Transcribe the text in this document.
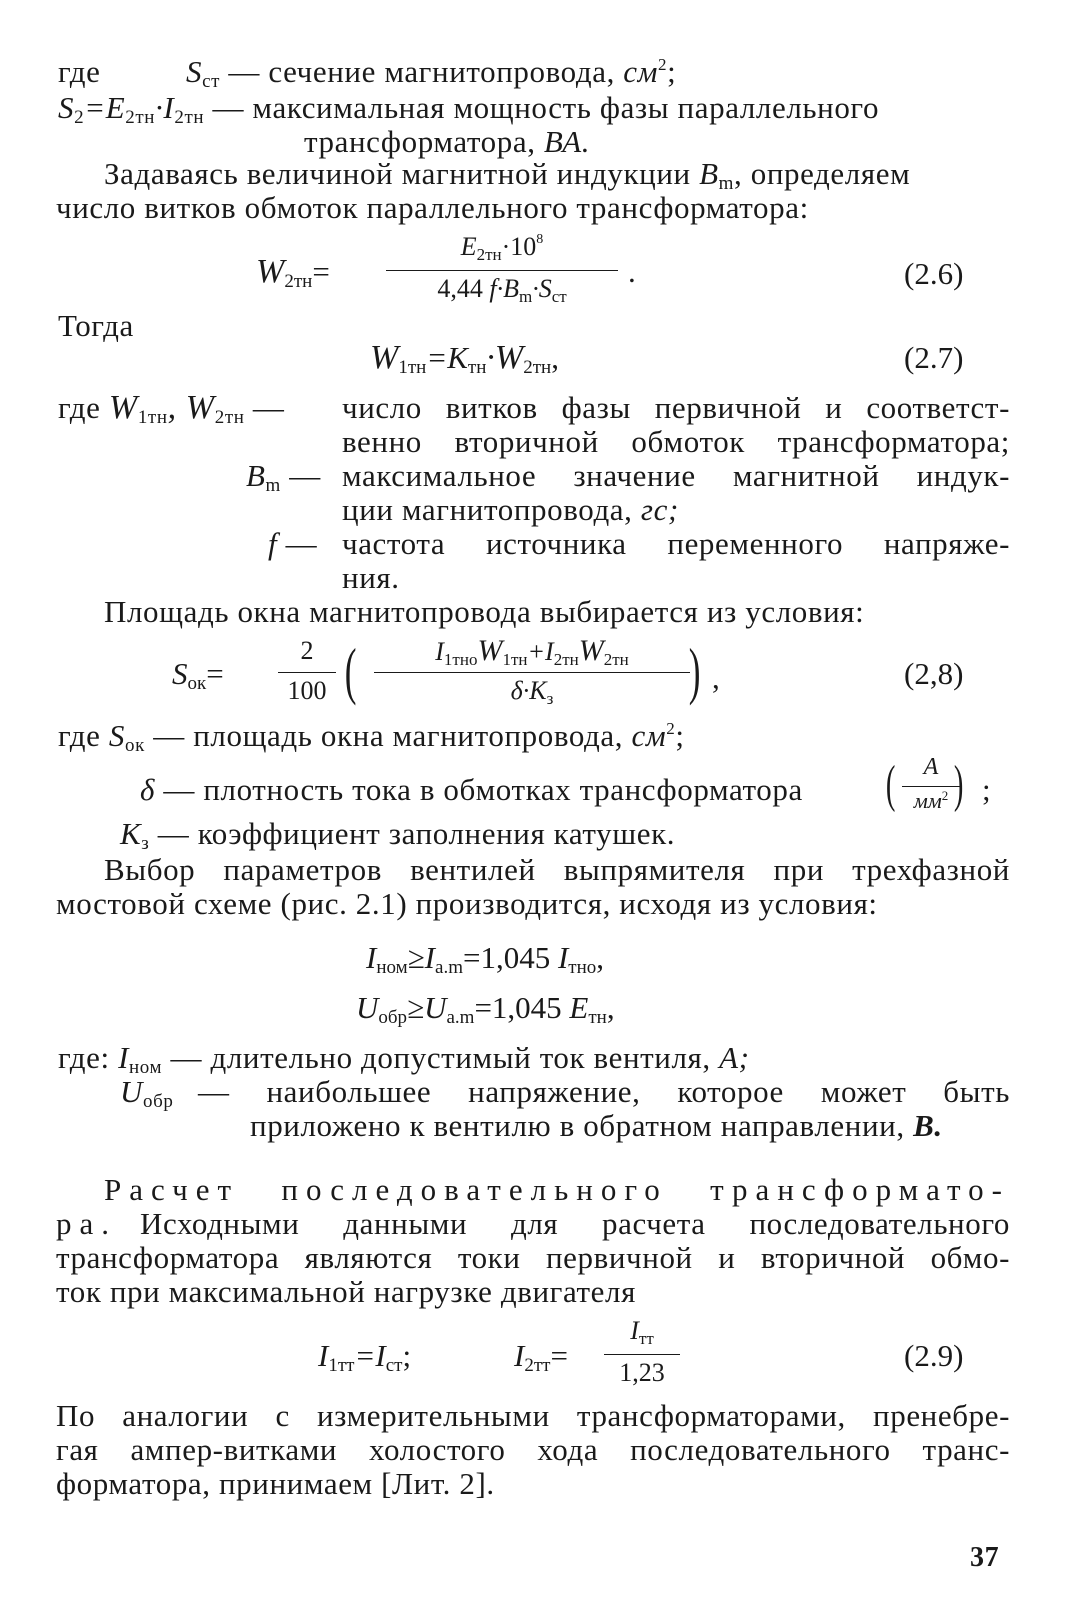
где	$S_{ст}$ — сечение магнитопровода, $см^2$;
$S_2=E_{2тн}\cdot I_{2тн}$ — максимальная мощность фазы параллельного
трансформатора, ВА.
Задаваясь величиной магнитной индукции $B_m$, определяем
число витков обмоток параллельного трансформатора:
$W_{2тн}=$
$E_{2тн}\cdot 10^8$
4,44 $f\cdot B_m\cdot S_{ст}$
.	(2.6)
Тогда
$W_{1тн}=K_{тн}\cdot W_{2тн}$,	(2.7)
где $W_{1тн}$, $W_{2тн}$ — число витков фазы первичной и соответст-
венно вторичной обмоток трансформатора;
$B_m$ — максимальное значение магнитной индук-
ции магнитопровода, гс;
f — частота источника переменного напряже-
ния.
Площадь окна магнитопровода выбирается из условия:
$S_{ок}=$
2
100 (	$I_{1тно}W_{1тн}+I_{2тн}W_{2тн}$
$\delta\cdot K_з$	) ,	(2,8)
где $S_{ок}$ — площадь окна магнитопровода, $см^2$;
δ — плотность тока в обмотках трансформатора (	А
$мм^2$ ) ;
$K_з$ — коэффициент заполнения катушек.
Выбор параметров вентилей выпрямителя при трехфазной
мостовой схеме (рис. 2.1) производится, исходя из условия:
$I_{ном}\ge I_{a.m}=1,045$ $I_{тно}$,
$U_{обр}\ge U_{a.m}=1,045$ $E_{тн}$,
где: $I_{ном}$ — длительно допустимый ток вентиля, А;
$U_{обр}$ — наибольшее напряжение, которое может быть
приложено к вентилю в обратном направлении, В.
Расчет последовательного трансформато-
ра. Исходными данными для расчета последовательного
трансформатора являются токи первичной и вторичной обмо-
ток при максимальной нагрузке двигателя
$I_{1тт}=I_{ст}$;	$I_{2тт}=$
$I_{тт}$
1,23	(2.9)
По аналогии с измерительными трансформаторами, пренебре-
гая ампер-витками холостого хода последовательного транс-
форматора, принимаем [Лит. 2].
37
